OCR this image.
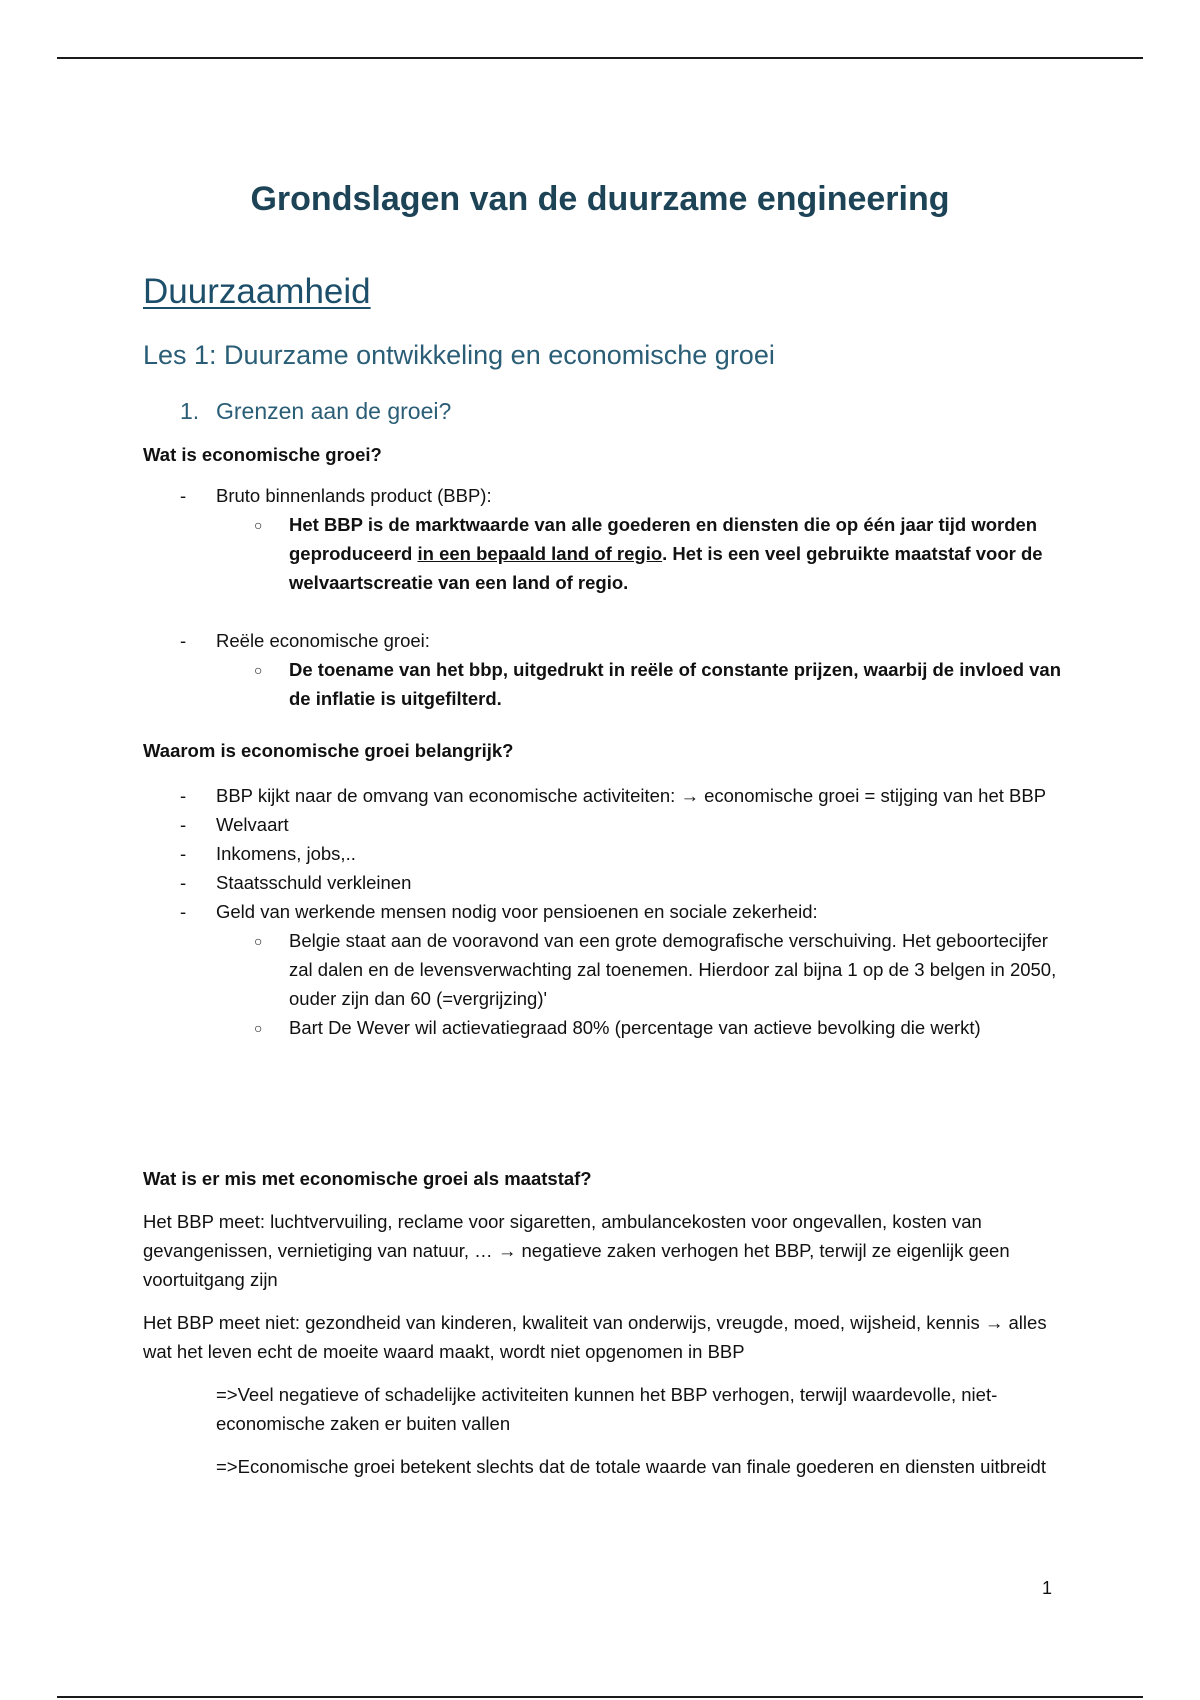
Grondslagen van de duurzame engineering
Duurzaamheid
Les 1: Duurzame ontwikkeling en economische groei
1. Grenzen aan de groei?

Wat is economische groei?

- Bruto binnenlands product (BBP):
○ Het BBP is de marktwaarde van alle goederen en diensten die op één jaar tijd worden geproduceerd in een bepaald land of regio. Het is een veel gebruikte maatstaf voor de welvaartscreatie van een land of regio.
- Reële economische groei:
○ De toename van het bbp, uitgedrukt in reële of constante prijzen, waarbij de invloed van de inflatie is uitgefilterd.

Waarom is economische groei belangrijk?

- BBP kijkt naar de omvang van economische activiteiten: → economische groei = stijging van het BBP
- Welvaart
- Inkomens, jobs,..
- Staatsschuld verkleinen
- Geld van werkende mensen nodig voor pensioenen en sociale zekerheid:
○ Belgie staat aan de vooravond van een grote demografische verschuiving. Het geboortecijfer zal dalen en de levensverwachting zal toenemen. Hierdoor zal bijna 1 op de 3 belgen in 2050, ouder zijn dan 60 (=vergrijzing)'
○ Bart De Wever wil actievatiegraad 80% (percentage van actieve bevolking die werkt)

Wat is er mis met economische groei als maatstaf?

Het BBP meet: luchtvervuiling, reclame voor sigaretten, ambulancekosten voor ongevallen, kosten van gevangenissen, vernietiging van natuur, … → negatieve zaken verhogen het BBP, terwijl ze eigenlijk geen voortuitgang zijn

Het BBP meet niet: gezondheid van kinderen, kwaliteit van onderwijs, vreugde, moed, wijsheid, kennis → alles wat het leven echt de moeite waard maakt, wordt niet opgenomen in BBP

=>Veel negatieve of schadelijke activiteiten kunnen het BBP verhogen, terwijl waardevolle, niet-economische zaken er buiten vallen

=>Economische groei betekent slechts dat de totale waarde van finale goederen en diensten uitbreidt

1
